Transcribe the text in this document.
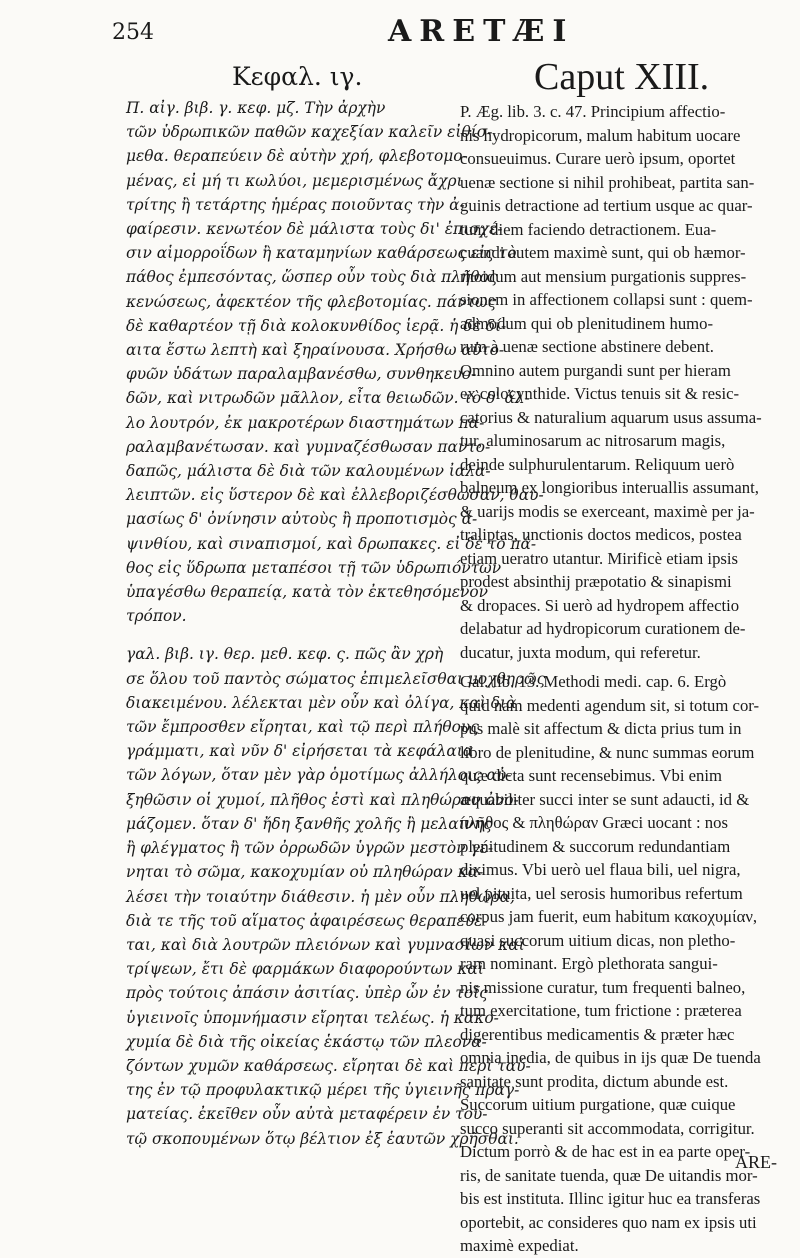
254	ARETÆI
Κεφαλ. ιγ.	Caput XIII.
Π. αἰγ. βιβ. γ. κεφ. μζ. Τὴν ἀρχὴν
τῶν ὑδρωπικῶν παθῶν καχεξίαν καλεῖν εἰθίσ-
μεθα. θεραπεύειν δὲ αὐτὴν χρή, φλεβοτομο-
μένας, εἰ μή τι κωλύοι, μεμερισμένως ἄχρι
τρίτης ἢ τετάρτης ἡμέρας ποιοῦντας τὴν ἀ-
φαίρεσιν. κενωτέον δὲ μάλιστα τοὺς δι' ἐπισχέ-
σιν αἱμορροΐδων ἢ καταμηνίων καθάρσεως εἰς τὸ
πάθος ἐμπεσόντας, ὥσπερ οὖν τοὺς διὰ πλῆθος
κενώσεως, ἀφεκτέον τῆς φλεβοτομίας. πάντως
δὲ καθαρτέον τῇ διὰ κολοκυνθίδος ἱερᾷ. ἡ δὲ δί-
αιτα ἔστω λεπτὴ καὶ ξηραίνουσα. Χρήσθω αὐτο-
φυῶν ὑδάτων παραλαμβανέσθω, συνθηκευο-
δῶν, καὶ νιτρωδῶν μᾶλλον, εἶτα θειωδῶν. τὸ δ' ἄλ-
λο λουτρόν, ἐκ μακροτέρων διαστημάτων πα-
ραλαμβανέτωσαν. καὶ γυμναζέσθωσαν παντο-
δαπῶς, μάλιστα δὲ διὰ τῶν καλουμένων ἰαλα-
λειπτῶν. εἰς ὕστερον δὲ καὶ ἐλλεβοριζέσθωσαν, θαυ-
μασίως δ' ὀνίνησιν αὐτοὺς ἢ προποτισμὸς ἀ-
ψινθίου, καὶ σιναπισμοί, καὶ δρωπακες. εἰ δὲ τὸ πά-
θος εἰς ὕδρωπα μεταπέσοι τῇ τῶν ὑδρωπιόντων
ὑπαγέσθω θεραπείᾳ, κατὰ τὸν ἐκτεθησόμενον
τρόπον.
γαλ. βιβ. ιγ. θερ. μεθ. κεφ. ς. πῶς ἂν χρὴ
σε ὅλου τοῦ παντὸς σώματος ἐπιμελεῖσθαι μοχθηρῶς
διακειμένου. λέλεκται μὲν οὖν καὶ ὀλίγα, καὶ διὰ
τῶν ἔμπροσθεν εἴρηται, καὶ τῷ περὶ πλήθους
γράμματι, καὶ νῦν δ' εἰρήσεται τὰ κεφάλαια
τῶν λόγων, ὅταν μὲν γὰρ ὁμοτίμως ἀλλήλοις αὐ-
ξηθῶσιν οἱ χυμοί, πλῆθος ἐστὶ καὶ πληθώραν ὀνο-
μάζομεν. ὅταν δ' ἤδη ξανθῆς χολῆς ἢ μελαίνης
ἢ φλέγματος ἢ τῶν ὀρρωδῶν ὑγρῶν μεστὸν γέ-
νηται τὸ σῶμα, κακοχυμίαν οὐ πληθώραν κα-
λέσει τὴν τοιαύτην διάθεσιν. ἡ μὲν οὖν πληθώρα,
διὰ τε τῆς τοῦ αἵματος ἀφαιρέσεως θεραπεύε-
ται, καὶ διὰ λουτρῶν πλειόνων καὶ γυμνασίων καὶ
τρίψεων, ἔτι δὲ φαρμάκων διαφορούντων καὶ
πρὸς τούτοις ἀπάσιν ἀσιτίας. ὑπὲρ ὧν ἐν τοῖς
ὑγιεινοῖς ὑπομνήμασιν εἴρηται τελέως. ἡ κακο-
χυμία δὲ διὰ τῆς οἰκείας ἑκάστῳ τῶν πλεονα-
ζόντων χυμῶν καθάρσεως. εἴρηται δὲ καὶ περὶ ταύ-
της ἐν τῷ προφυλακτικῷ μέρει τῆς ὑγιεινῆς πραγ-
ματείας. ἐκεῖθεν οὖν αὐτὰ μεταφέρειν ἐν του-
τῷ σκοπουμένων ὅτῳ βέλτιον ἐξ ἑαυτῶν χρῆσθαι.
P. Æg. lib. 3. c. 47. Principium affectio-
nis hydropicorum, malum habitum uocare
consueuimus. Curare uerò ipsum, oportet
uenæ sectione si nihil prohibeat, partita san-
guinis detractione ad tertium usque ac quar-
tum diem faciendo detractionem. Eua-
cuandi autem maximè sunt, qui ob hæmor-
rhoidum aut mensium purgationis suppres-
sionem in affectionem collapsi sunt : quem-
admodum qui ob plenitudinem humo-
rum à uenæ sectione abstinere debent.
Omnino autem purgandi sunt per hieram
ex colocynthide. Victus tenuis sit & resic-
catorius & naturalium aquarum usus assuma-
tur, aluminosarum ac nitrosarum magis,
deinde sulphurulentarum. Reliquum uerò
balneum ex longioribus interuallis assumant,
& uarijs modis se exerceant, maximè per ja-
traliptas, unctionis doctos medicos, postea
etiam ueratro utantur. Mirificè etiam ipsis
prodest absinthij præpotatio & sinapismi
& dropaces. Si uerò ad hydropem affectio
delabatur ad hydropicorum curationem de-
ducatur, juxta modum, qui referetur.
Gal. lib. 13. Methodi medi. cap. 6. Ergò
quid nam medenti agendum sit, si totum cor-
pus malè sit affectum & dicta prius tum in
libro de plenitudine, & nunc summas eorum
quæ dicta sunt recensebimus. Vbi enim
æquabiliter succi inter se sunt adaucti, id &
πλῆθος & πληθώραν Græci uocant : nos
plenitudinem & succorum redundantiam
diximus. Vbi uerò uel flaua bili, uel nigra,
uel pituita, uel serosis humoribus refertum
corpus jam fuerit, eum habitum κακοχυμίαν,
quasi succorum uitium dicas, non plethо-
ram nominant. Ergò plethorata sangui-
nis missione curatur, tum frequenti balneo,
tum exercitatione, tum frictione : præterea
digerentibus medicamentis & præter hæc
omnia inedia, de quibus in ijs quæ De tuenda
sanitate sunt prodita, dictum abunde est.
Succorum uitium purgatione, quæ cuique
succo superanti sit accommodata, corrigitur.
Dictum porrò & de hac est in ea parte oper-
ris, de sanitate tuenda, quæ De uitandis mor-
bis est instituta. Illinc igitur huc ea transferas
oportebit, ac consideres quo nam ex ipsis uti
maximè expediat.
ARE-
